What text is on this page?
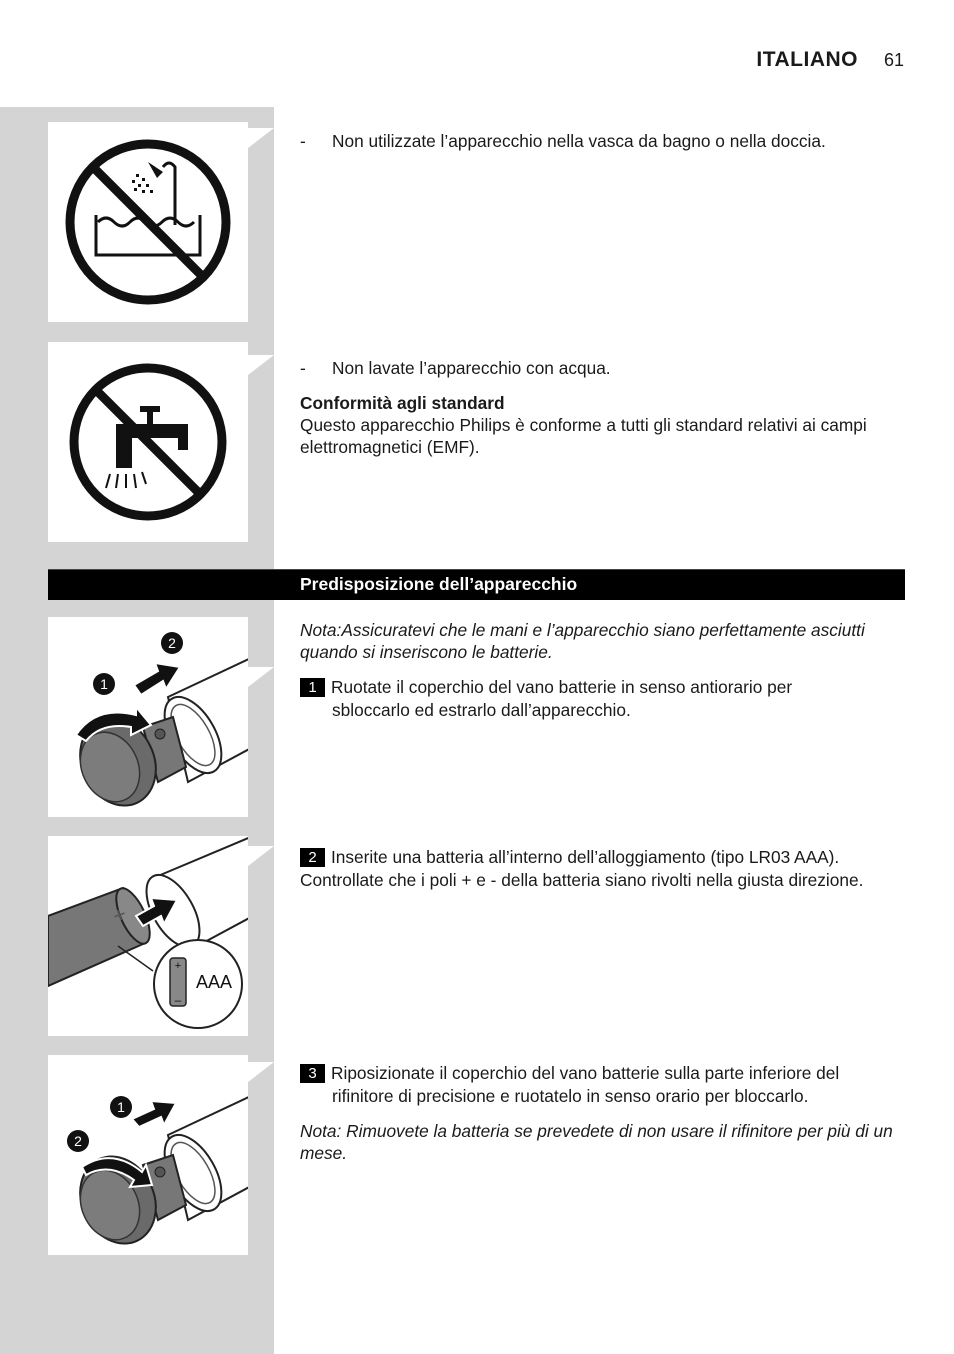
ITALIANO 61
- Non utilizzate l’apparecchio nella vasca da bagno o nella doccia.
- Non lavate l’apparecchio con acqua.
Conformità agli standard
Questo apparecchio Philips è conforme a tutti gli standard relativi ai campi elettromagnetici (EMF).
Predisposizione dell’apparecchio
2
1
+
+
–
AAA
1
2
Nota:Assicuratevi che le mani e l’apparecchio siano perfettamente asciutti quando si inseriscono le batterie.
1 Ruotate il coperchio del vano batterie in senso antiorario per
sbloccarlo ed estrarlo dall’apparecchio.
2 Inserite una batteria all’interno dell’alloggiamento (tipo LR03 AAA).
Controllate che i poli + e - della batteria siano rivolti nella giusta direzione.
3 Riposizionate il coperchio del vano batterie sulla parte inferiore del
rifinitore di precisione e ruotatelo in senso orario per bloccarlo.
Nota: Rimuovete la batteria se prevedete di non usare il rifinitore per più di un mese.
